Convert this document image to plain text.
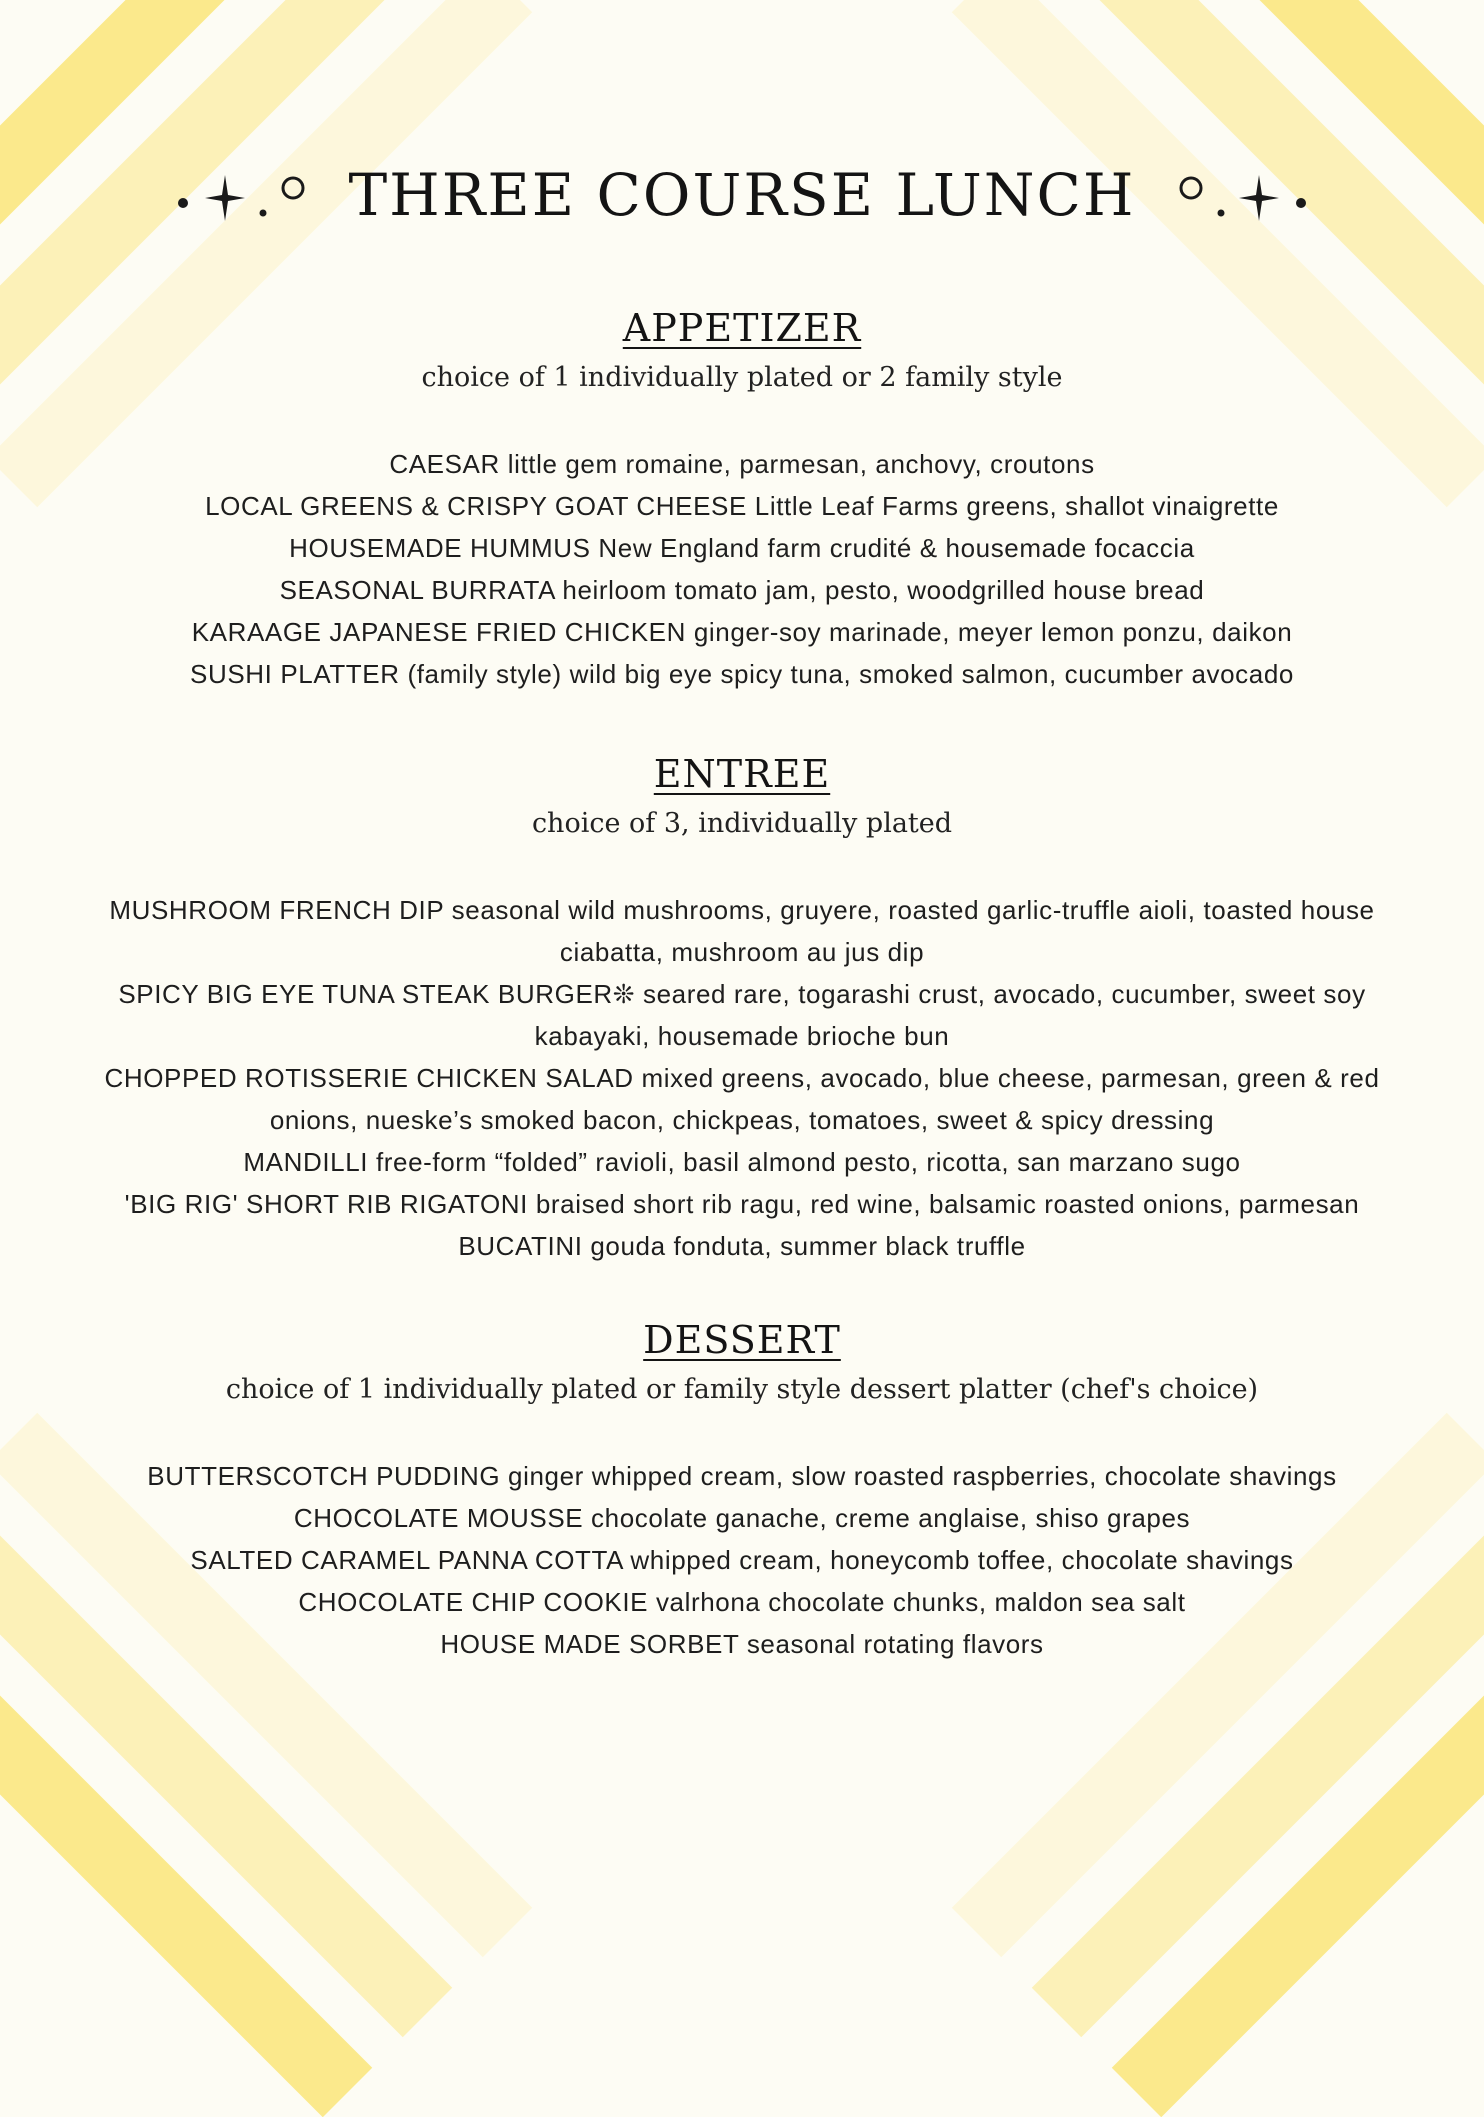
THREE COURSE LUNCH
APPETIZER
choice of 1 individually plated or 2 family style
CAESAR little gem romaine, parmesan, anchovy, croutons
LOCAL GREENS & CRISPY GOAT CHEESE Little Leaf Farms greens, shallot vinaigrette
HOUSEMADE HUMMUS New England farm crudité & housemade focaccia
SEASONAL BURRATA heirloom tomato jam, pesto, woodgrilled house bread
KARAAGE JAPANESE FRIED CHICKEN ginger-soy marinade, meyer lemon ponzu, daikon
SUSHI PLATTER (family style) wild big eye spicy tuna, smoked salmon, cucumber avocado
ENTREE
choice of 3, individually plated
MUSHROOM FRENCH DIP seasonal wild mushrooms, gruyere, roasted garlic-truffle aioli, toasted house ciabatta, mushroom au jus dip
SPICY BIG EYE TUNA STEAK BURGER❊ seared rare, togarashi crust, avocado, cucumber, sweet soy kabayaki, housemade brioche bun
CHOPPED ROTISSERIE CHICKEN SALAD mixed greens, avocado, blue cheese, parmesan, green & red onions, nueske’s smoked bacon, chickpeas, tomatoes, sweet & spicy dressing
MANDILLI free-form “folded” ravioli, basil almond pesto, ricotta, san marzano sugo
'BIG RIG' SHORT RIB RIGATONI braised short rib ragu, red wine, balsamic roasted onions, parmesan
BUCATINI gouda fonduta, summer black truffle
DESSERT
choice of 1 individually plated or family style dessert platter (chef's choice)
BUTTERSCOTCH PUDDING ginger whipped cream, slow roasted raspberries, chocolate shavings
CHOCOLATE MOUSSE chocolate ganache, creme anglaise, shiso grapes
SALTED CARAMEL PANNA COTTA whipped cream, honeycomb toffee, chocolate shavings
CHOCOLATE CHIP COOKIE valrhona chocolate chunks, maldon sea salt
HOUSE MADE SORBET seasonal rotating flavors
